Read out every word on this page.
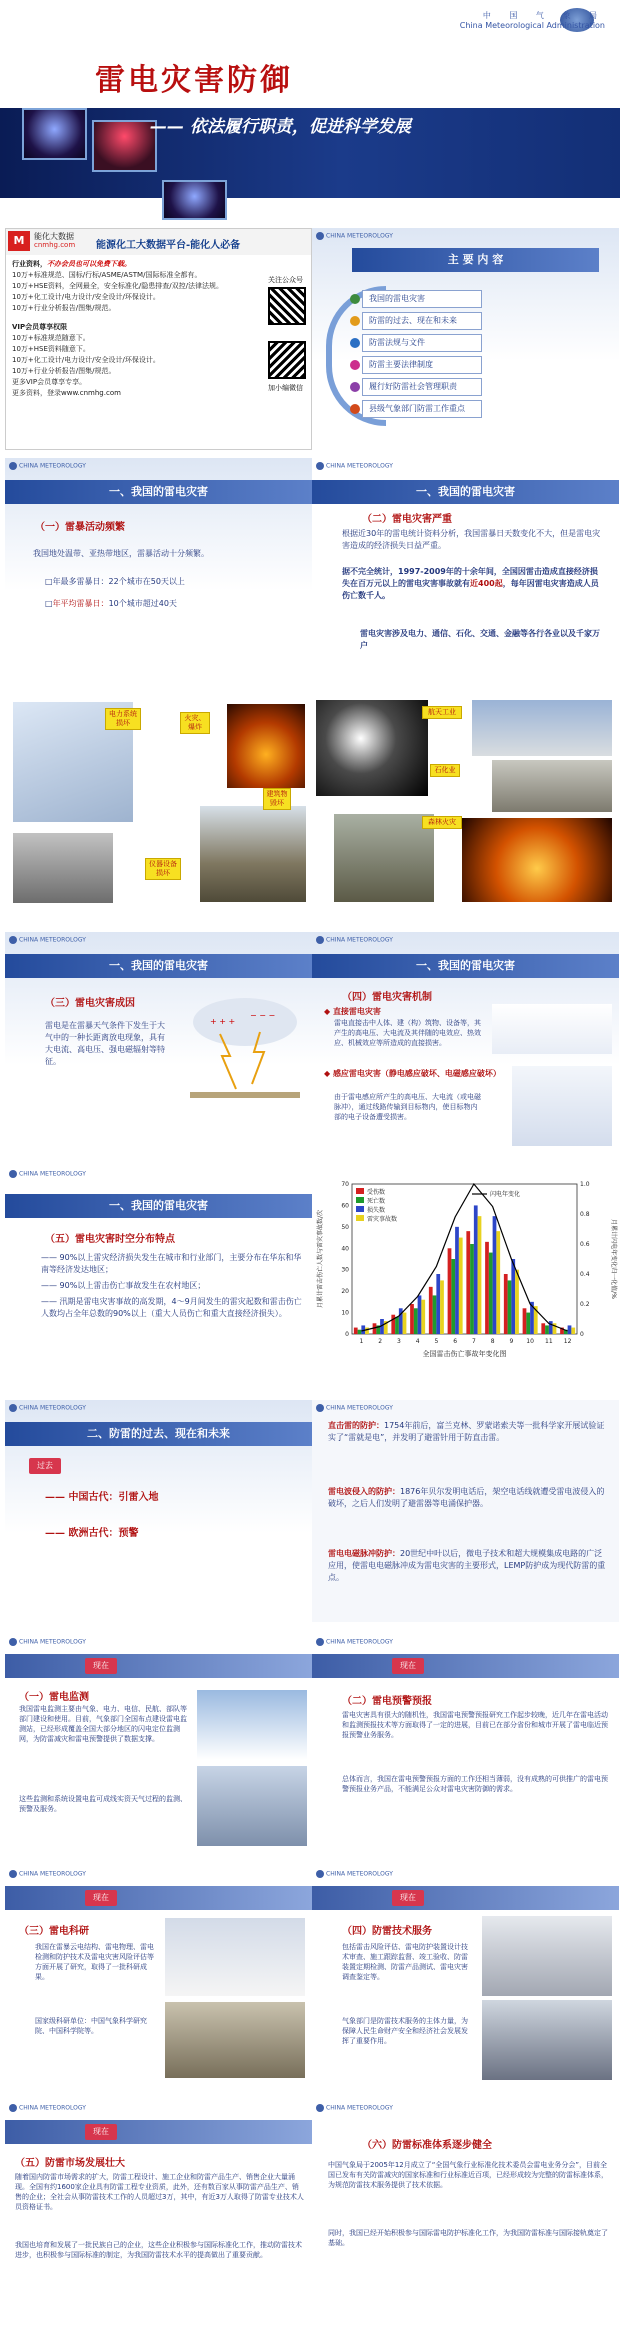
中 国 气 象 局
China Meteorological Administration
雷电灾害防御
—— 依法履行职责，促进科学发展
M	能化大数据
cnmhg.com 能源化工大数据平台-能化人必备
行业资料，不办会员也可以免费下载。
10万+标准规范、国标/行标/ASME/ASTM/国际标准全都有。
10万+HSE资料，全网最全，安全标准化/隐患排查/双控/法律法规。
10万+化工设计/电力设计/安全设计/环保设计。
10万+行业分析报告/图集/规范。
VIP会员尊享权限
10万+标准规范随意下。
10万+HSE资料随意下。
10万+化工设计/电力设计/安全设计/环保设计。
10万+行业分析报告/图集/规范。
更多VIP会员尊享专享。
更多资料，登录www.cnmhg.com
关注公众号
加小编微信
CHINA METEOROLOGY
主 要 内 容
我国的雷电灾害
防雷的过去、现在和未来
防雷法规与文件
防雷主要法律制度
履行好防雷社会管理职责
县级气象部门防雷工作重点
CHINA METEOROLOGY
一、我国的雷电灾害
（一）雷暴活动频繁
我国地处温带、亚热带地区，雷暴活动十分频繁。
□年最多雷暴日：22个城市在50天以上
□年平均雷暴日：10个城市超过40天
CHINA METEOROLOGY
一、我国的雷电灾害
（二）雷电灾害严重
根据近30年的雷电统计资料分析，我国雷暴日天数变化不大，但是雷电灾害造成的经济损失日益严重。
据不完全统计，1997-2009年的十余年间，全国因雷击造成直接经济损失在百万元以上的雷电灾害事故就有近400起，每年因雷电灾害造成人员伤亡数千人。
雷电灾害涉及电力、通信、石化、交通、金融等各行各业以及千家万户
电力系统损坏
火灾、爆炸
建筑物毁坏
仪器设备损坏
航天工业
石化业
森林火灾
CHINA METEOROLOGY
一、我国的雷电灾害
（三）雷电灾害成因
雷电是在雷暴天气条件下发生于大气中的一种长距离放电现象，具有大电流、高电压、强电磁辐射等特征。
+ + +
− − −
CHINA METEOROLOGY
一、我国的雷电灾害
（四）雷电灾害机制
◆ 直接雷电灾害
雷电直接击中人体、建（构）筑物、设备等，其产生的高电压、大电流及其伴随的电效应、热效应、机械效应等所造成的直接损害。
◆ 感应雷电灾害（静电感应破坏、电磁感应破坏）
由于雷电感应所产生的高电压、大电流（或电磁脉冲），通过线路传输到目标物内，使目标物内部的电子设备遭受损害。
CHINA METEOROLOGY
一、我国的雷电灾害
（五）雷电灾害时空分布特点
—— 90%以上雷灾经济损失发生在城市和行业部门，主要分布在华东和华南等经济发达地区；
—— 90%以上雷击伤亡事故发生在农村地区；
—— 汛期是雷电灾害事故的高发期，4～9月间发生的雷灾起数和雷击伤亡人数均占全年总数的90%以上（重大人员伤亡和重大直接经济损失）。
1 2 3 4 5 6 7 8 9 10 11 12
0
10
20
30
40
50
60
70
0
0.2
0.4
0.6
0.8
1.0
全国雷击伤亡事故年变化图
月累计雷击伤亡人数与雷灾事故数/次	月累计闪电年变化归一化值/%
受伤数
死亡数
损失数
雷灾事故数
闪电年变化
CHINA METEOROLOGY
二、防雷的过去、现在和未来
过去
—— 中国古代：引雷入地
—— 欧洲古代：预警
CHINA METEOROLOGY
直击雷的防护：1754年前后，富兰克林、罗蒙诺索夫等一批科学家开展试验证实了“雷就是电”，并发明了避雷针用于防直击雷。
雷电波侵入的防护：1876年贝尔发明电话后，架空电话线就遭受雷电波侵入的破坏，之后人们发明了避雷器等电涌保护器。
雷电电磁脉冲防护：20世纪中叶以后，微电子技术和超大规模集成电路的广泛应用，使雷电电磁脉冲成为雷电灾害的主要形式，LEMP防护成为现代防雷的重点。
CHINA METEOROLOGY
现在
（一）雷电监测
我国雷电监测主要由气象、电力、电信、民航、部队等部门建设和使用。目前，气象部门全国布点建设雷电监测站，已经形成覆盖全国大部分地区的闪电定位监测网，为防雷减灾和雷电预警提供了数据支撑。
这些监测和系统设置电监可成线实资天气过程的监测、预警及服务。
CHINA METEOROLOGY
现在
（二）雷电预警预报
雷电灾害具有很大的随机性，我国雷电预警预报研究工作起步较晚，近几年在雷电活动和监测预报技术等方面取得了一定的进展，目前已在部分省份和城市开展了雷电临近预报预警业务服务。
总体而言，我国在雷电预警预报方面的工作还相当薄弱，没有成熟的可供推广的雷电预警预报业务产品，不能满足公众对雷电灾害防御的需求。
CHINA METEOROLOGY
现在
（三）雷电科研
我国在雷暴云电结构、雷电物理、雷电检测和防护技术及雷电灾害风险评估等方面开展了研究，取得了一批科研成果。
国家级科研单位：中国气象科学研究院、中国科学院等。
CHINA METEOROLOGY
现在
（四）防雷技术服务
包括雷击风险评估、雷电防护装置设计技术审查、施工跟踪监督、竣工验收、防雷装置定期检测、防雷产品测试、雷电灾害调查鉴定等。
气象部门是防雷技术服务的主体力量，为保障人民生命财产安全和经济社会发展发挥了重要作用。
CHINA METEOROLOGY
现在
（五）防雷市场发展壮大
随着国内防雷市场需求的扩大，防雷工程设计、施工企业和防雷产品生产、销售企业大量涌现。全国有约1600家企业具有防雷工程专业资质，此外，还有数百家从事防雷产品生产、销售的企业；全社会从事防雷技术工作的人员超过3万，其中，有近3万人取得了防雷专业技术人员资格证书。
我国也培育和发展了一批民族自己的企业，这些企业积极参与国际标准化工作，推动防雷技术进步，也积极参与国际标准的制定，为我国防雷技术水平的提高做出了重要贡献。
CHINA METEOROLOGY
（六）防雷标准体系逐步健全
中国气象局于2005年12月成立了“全国气象行业标准化技术委员会雷电业务分会”，目前全国已发布有关防雷减灾的国家标准和行业标准近百项，已经形成较为完整的防雷标准体系，为规范防雷技术服务提供了技术依据。
同时，我国已经开始积极参与国际雷电防护标准化工作，为我国防雷标准与国际接轨奠定了基础。
